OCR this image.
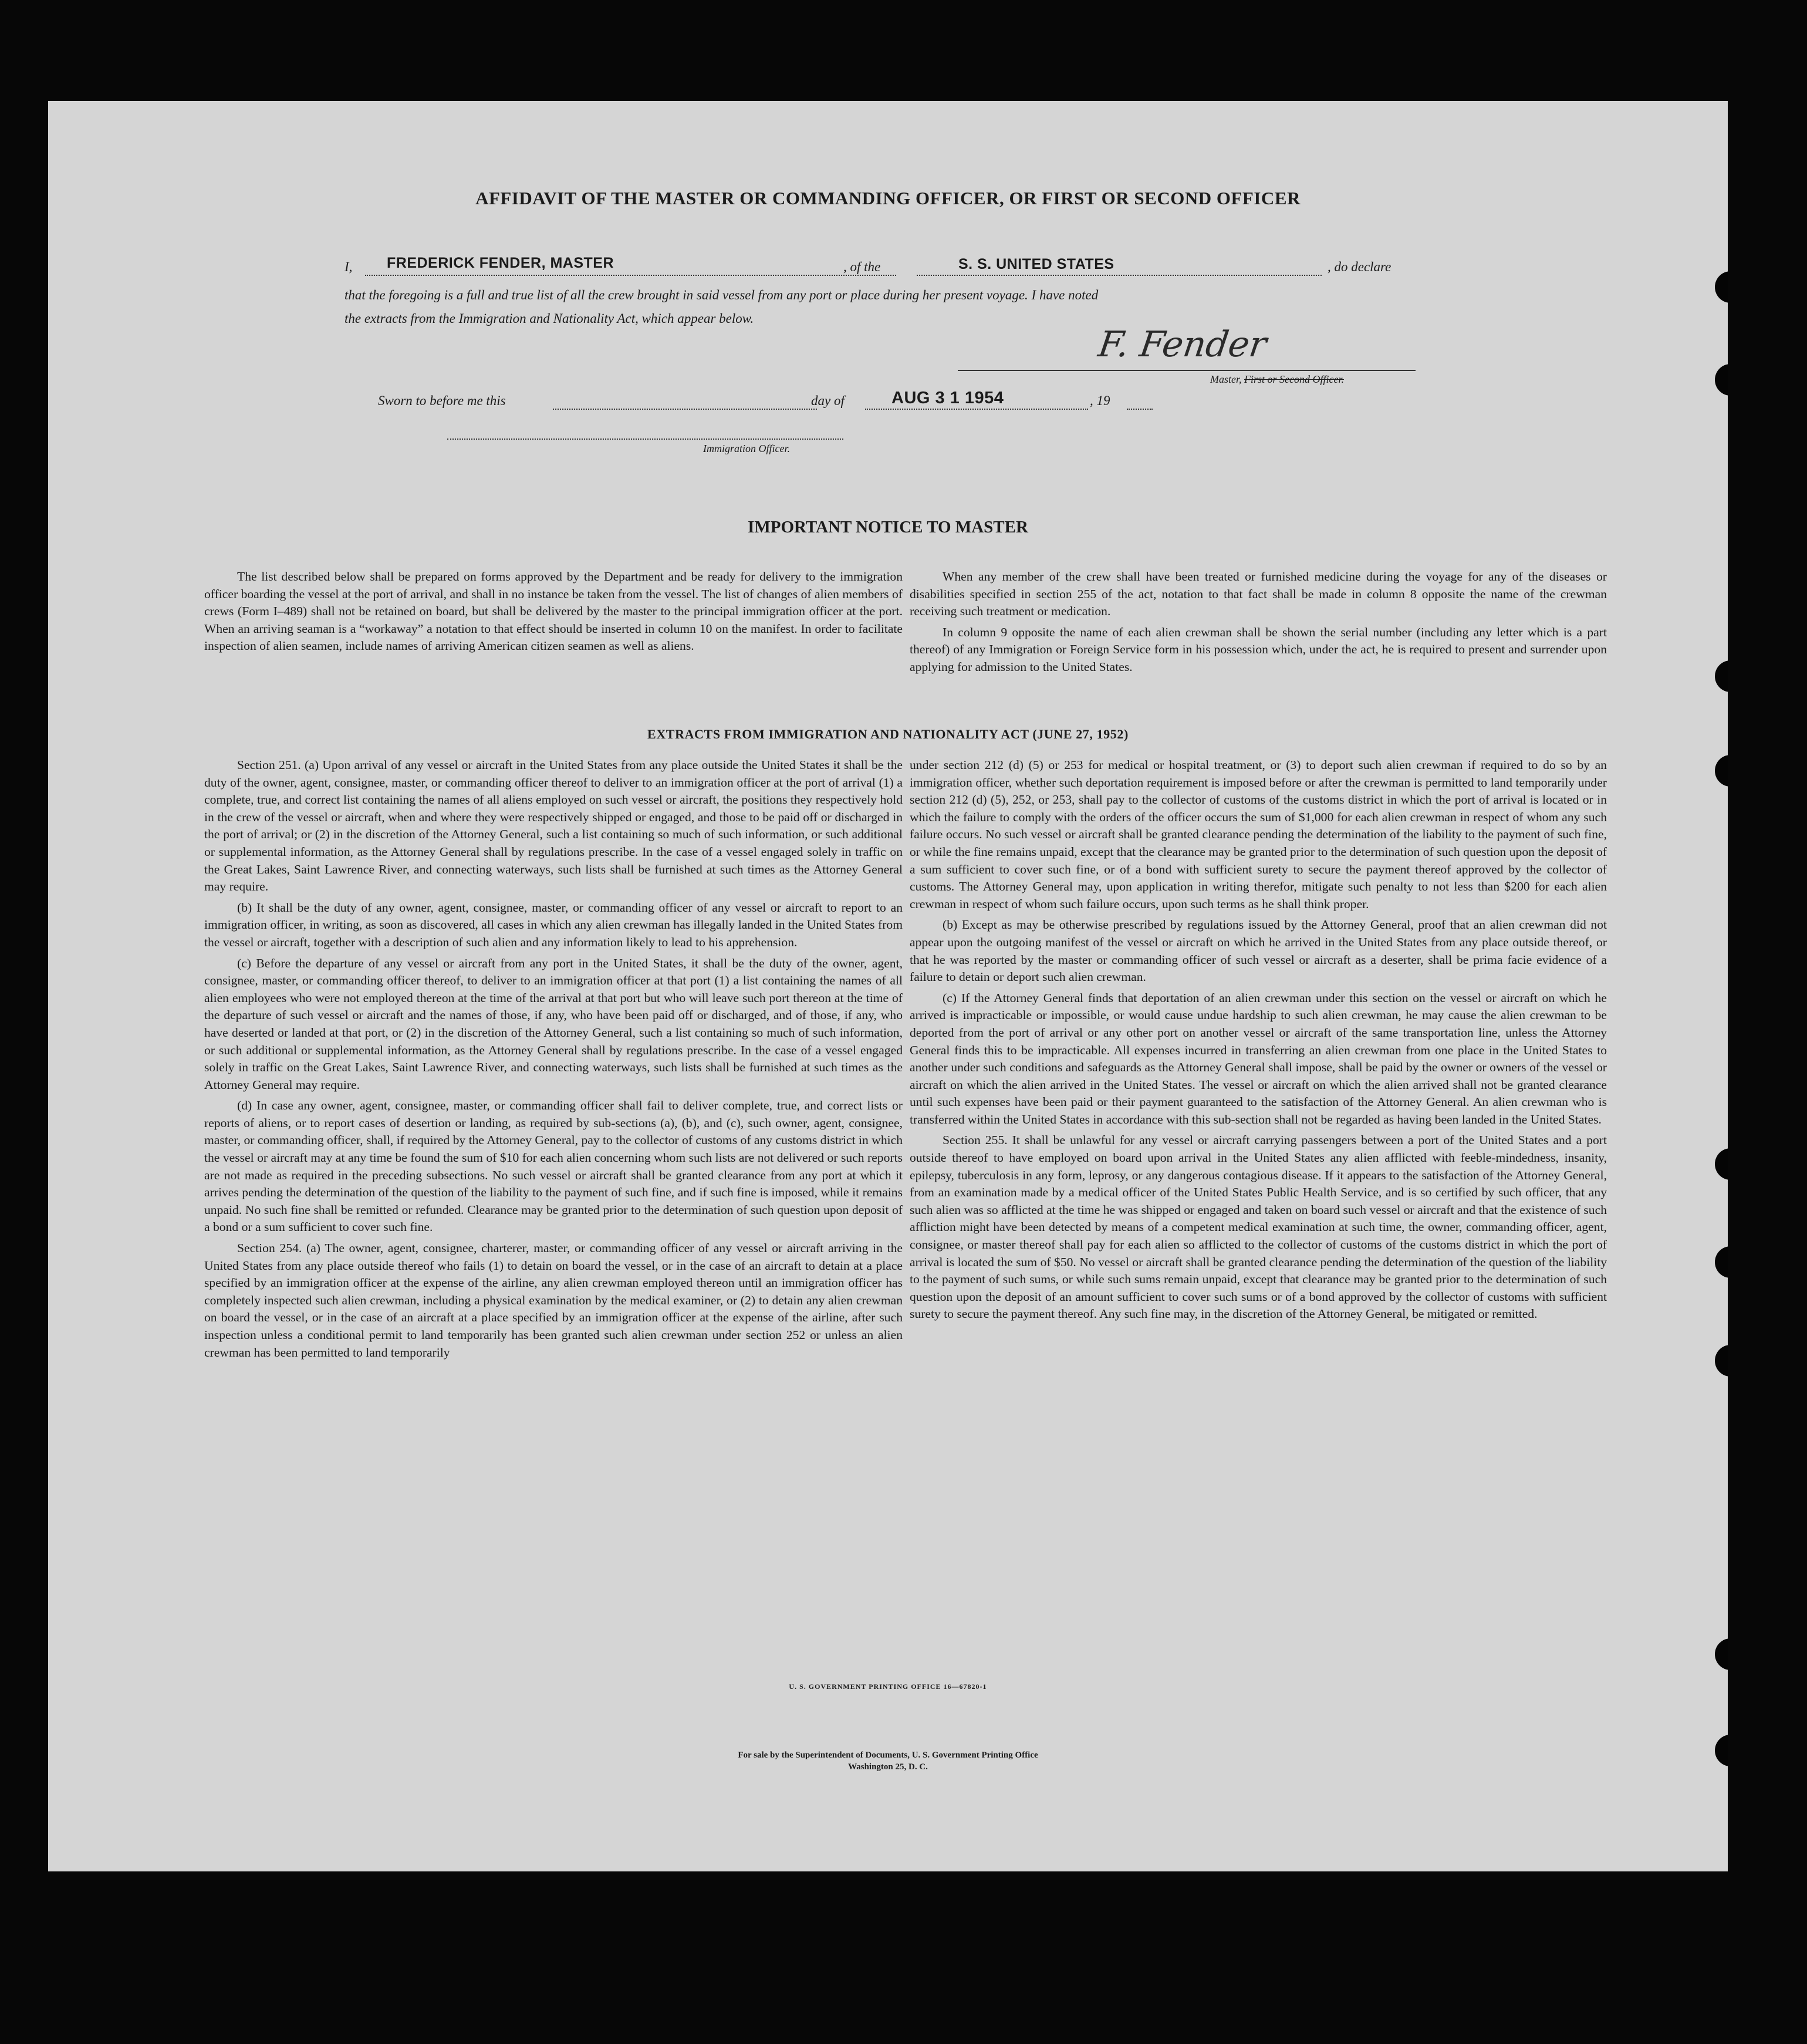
AFFIDAVIT OF THE MASTER OR COMMANDING OFFICER, OR FIRST OR SECOND OFFICER
I, FREDERICK FENDER, MASTER	, of the	S. S. UNITED STATES	, do declare
that the foregoing is a full and true list of all the crew brought in said vessel from any port or place during her present voyage. I have noted
the extracts from the Immigration and Nationality Act, which appear below.
F. Fender
Master, First or Second Officer.
Sworn to before me this	day of	AUG 3 1 1954	, 19
Immigration Officer.
IMPORTANT NOTICE TO MASTER

The list described below shall be prepared on forms approved by the Department and be ready for delivery to the immigration officer boarding the vessel at the port of arrival, and shall in no instance be taken from the vessel. The list of changes of alien members of crews (Form I–489) shall not be retained on board, but shall be delivered by the master to the principal immigration officer at the port. When an arriving seaman is a “workaway” a notation to that effect should be inserted in column 10 on the manifest. In order to facilitate inspection of alien seamen, include names of arriving American citizen seamen as well as aliens.

When any member of the crew shall have been treated or furnished medicine during the voyage for any of the diseases or disabilities specified in section 255 of the act, notation to that fact shall be made in column 8 opposite the name of the crewman receiving such treatment or medication.

In column 9 opposite the name of each alien crewman shall be shown the serial number (including any letter which is a part thereof) of any Immigration or Foreign Service form in his possession which, under the act, he is required to present and surrender upon applying for admission to the United States.

EXTRACTS FROM IMMIGRATION AND NATIONALITY ACT (JUNE 27, 1952)

Section 251. (a) Upon arrival of any vessel or aircraft in the United States from any place outside the United States it shall be the duty of the owner, agent, consignee, master, or commanding officer thereof to deliver to an immigration officer at the port of arrival (1) a complete, true, and correct list containing the names of all aliens employed on such vessel or aircraft, the positions they respectively hold in the crew of the vessel or aircraft, when and where they were respectively shipped or engaged, and those to be paid off or discharged in the port of arrival; or (2) in the discretion of the Attorney General, such a list containing so much of such information, or such additional or supplemental information, as the Attorney General shall by regulations prescribe. In the case of a vessel engaged solely in traffic on the Great Lakes, Saint Lawrence River, and connecting waterways, such lists shall be furnished at such times as the Attorney General may require.

(b) It shall be the duty of any owner, agent, consignee, master, or commanding officer of any vessel or aircraft to report to an immigration officer, in writing, as soon as discovered, all cases in which any alien crewman has illegally landed in the United States from the vessel or aircraft, together with a description of such alien and any information likely to lead to his apprehension.

(c) Before the departure of any vessel or aircraft from any port in the United States, it shall be the duty of the owner, agent, consignee, master, or commanding officer thereof, to deliver to an immigration officer at that port (1) a list containing the names of all alien employees who were not employed thereon at the time of the arrival at that port but who will leave such port thereon at the time of the departure of such vessel or aircraft and the names of those, if any, who have been paid off or discharged, and of those, if any, who have deserted or landed at that port, or (2) in the discretion of the Attorney General, such a list containing so much of such information, or such additional or supplemental information, as the Attorney General shall by regulations prescribe. In the case of a vessel engaged solely in traffic on the Great Lakes, Saint Lawrence River, and connecting waterways, such lists shall be furnished at such times as the Attorney General may require.

(d) In case any owner, agent, consignee, master, or commanding officer shall fail to deliver complete, true, and correct lists or reports of aliens, or to report cases of desertion or landing, as required by sub-sections (a), (b), and (c), such owner, agent, consignee, master, or commanding officer, shall, if required by the Attorney General, pay to the collector of customs of any customs district in which the vessel or aircraft may at any time be found the sum of $10 for each alien concerning whom such lists are not delivered or such reports are not made as required in the preceding subsections. No such vessel or aircraft shall be granted clearance from any port at which it arrives pending the determination of the question of the liability to the payment of such fine, and if such fine is imposed, while it remains unpaid. No such fine shall be remitted or refunded. Clearance may be granted prior to the determination of such question upon deposit of a bond or a sum sufficient to cover such fine.

Section 254. (a) The owner, agent, consignee, charterer, master, or commanding officer of any vessel or aircraft arriving in the United States from any place outside thereof who fails (1) to detain on board the vessel, or in the case of an aircraft to detain at a place specified by an immigration officer at the expense of the airline, any alien crewman employed thereon until an immigration officer has completely inspected such alien crewman, including a physical examination by the medical examiner, or (2) to detain any alien crewman on board the vessel, or in the case of an aircraft at a place specified by an immigration officer at the expense of the airline, after such inspection unless a conditional permit to land temporarily has been granted such alien crewman under section 252 or unless an alien crewman has been permitted to land temporarily

under section 212 (d) (5) or 253 for medical or hospital treatment, or (3) to deport such alien crewman if required to do so by an immigration officer, whether such deportation requirement is imposed before or after the crewman is permitted to land temporarily under section 212 (d) (5), 252, or 253, shall pay to the collector of customs of the customs district in which the port of arrival is located or in which the failure to comply with the orders of the officer occurs the sum of $1,000 for each alien crewman in respect of whom any such failure occurs. No such vessel or aircraft shall be granted clearance pending the determination of the liability to the payment of such fine, or while the fine remains unpaid, except that the clearance may be granted prior to the determination of such question upon the deposit of a sum sufficient to cover such fine, or of a bond with sufficient surety to secure the payment thereof approved by the collector of customs. The Attorney General may, upon application in writing therefor, mitigate such penalty to not less than $200 for each alien crewman in respect of whom such failure occurs, upon such terms as he shall think proper.

(b) Except as may be otherwise prescribed by regulations issued by the Attorney General, proof that an alien crewman did not appear upon the outgoing manifest of the vessel or aircraft on which he arrived in the United States from any place outside thereof, or that he was reported by the master or commanding officer of such vessel or aircraft as a deserter, shall be prima facie evidence of a failure to detain or deport such alien crewman.

(c) If the Attorney General finds that deportation of an alien crewman under this section on the vessel or aircraft on which he arrived is impracticable or impossible, or would cause undue hardship to such alien crewman, he may cause the alien crewman to be deported from the port of arrival or any other port on another vessel or aircraft of the same transportation line, unless the Attorney General finds this to be impracticable. All expenses incurred in transferring an alien crewman from one place in the United States to another under such conditions and safeguards as the Attorney General shall impose, shall be paid by the owner or owners of the vessel or aircraft on which the alien arrived in the United States. The vessel or aircraft on which the alien arrived shall not be granted clearance until such expenses have been paid or their payment guaranteed to the satisfaction of the Attorney General. An alien crewman who is transferred within the United States in accordance with this sub-section shall not be regarded as having been landed in the United States.

Section 255. It shall be unlawful for any vessel or aircraft carrying passengers between a port of the United States and a port outside thereof to have employed on board upon arrival in the United States any alien afflicted with feeble-mindedness, insanity, epilepsy, tuberculosis in any form, leprosy, or any dangerous contagious disease. If it appears to the satisfaction of the Attorney General, from an examination made by a medical officer of the United States Public Health Service, and is so certified by such officer, that any such alien was so afflicted at the time he was shipped or engaged and taken on board such vessel or aircraft and that the existence of such affliction might have been detected by means of a competent medical examination at such time, the owner, commanding officer, agent, consignee, or master thereof shall pay for each alien so afflicted to the collector of customs of the customs district in which the port of arrival is located the sum of $50. No vessel or aircraft shall be granted clearance pending the determination of the question of the liability to the payment of such sums, or while such sums remain unpaid, except that clearance may be granted prior to the determination of such question upon the deposit of an amount sufficient to cover such sums or of a bond approved by the collector of customs with sufficient surety to secure the payment thereof. Any such fine may, in the discretion of the Attorney General, be mitigated or remitted.

U. S. GOVERNMENT PRINTING OFFICE 16—67820-1
For sale by the Superintendent of Documents, U. S. Government Printing Office
Washington 25, D. C.
